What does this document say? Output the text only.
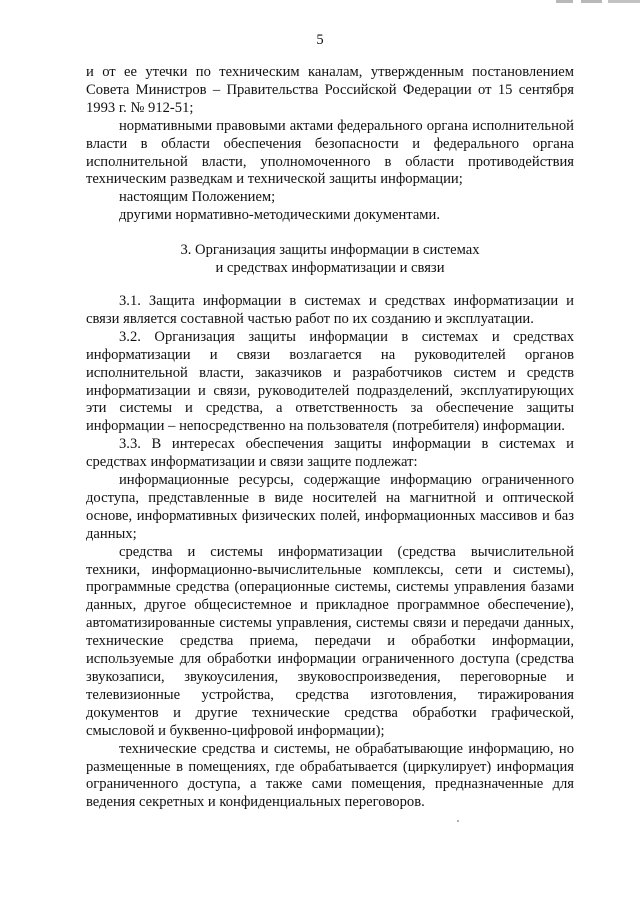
5

и от ее утечки по техническим каналам, утвержденным постановлением Совета Министров – Правительства Российской Федерации от 15 сентября 1993 г. № 912-51;

нормативными правовыми актами федерального органа исполнительной власти в области обеспечения безопасности и федерального органа исполнительной власти, уполномоченного в области противодействия техническим разведкам и технической защиты информации;

настоящим Положением;

другими нормативно-методическими документами.

3. Организация защиты информации в системах
и средствах информатизации и связи

3.1. Защита информации в системах и средствах информатизации и связи является составной частью работ по их созданию и эксплуатации.

3.2. Организация защиты информации в системах и средствах информатизации и связи возлагается на руководителей органов исполнительной власти, заказчиков и разработчиков систем и средств информатизации и связи, руководителей подразделений, эксплуатирующих эти системы и средства, а ответственность за обеспечение защиты информации – непосредственно на пользователя (потребителя) информации.

3.3. В интересах обеспечения защиты информации в системах и средствах информатизации и связи защите подлежат:

информационные ресурсы, содержащие информацию ограниченного доступа, представленные в виде носителей на магнитной и оптической основе, информативных физических полей, информационных массивов и баз данных;

средства и системы информатизации (средства вычислительной техники, информационно-вычислительные комплексы, сети и системы), программные средства (операционные системы, системы управления базами данных, другое общесистемное и прикладное программное обеспечение), автоматизированные системы управления, системы связи и передачи данных, технические средства приема, передачи и обработки информации, используемые для обработки информации ограниченного доступа (средства звукозаписи, звукоусиления, звуковоспроизведения, переговорные и телевизионные устройства, средства изготовления, тиражирования документов и другие технические средства обработки графической, смысловой и буквенно-цифровой информации);

технические средства и системы, не обрабатывающие информацию, но размещенные в помещениях, где обрабатывается (циркулирует) информация ограниченного доступа, а также сами помещения, предназначенные для ведения секретных и конфиденциальных переговоров.
